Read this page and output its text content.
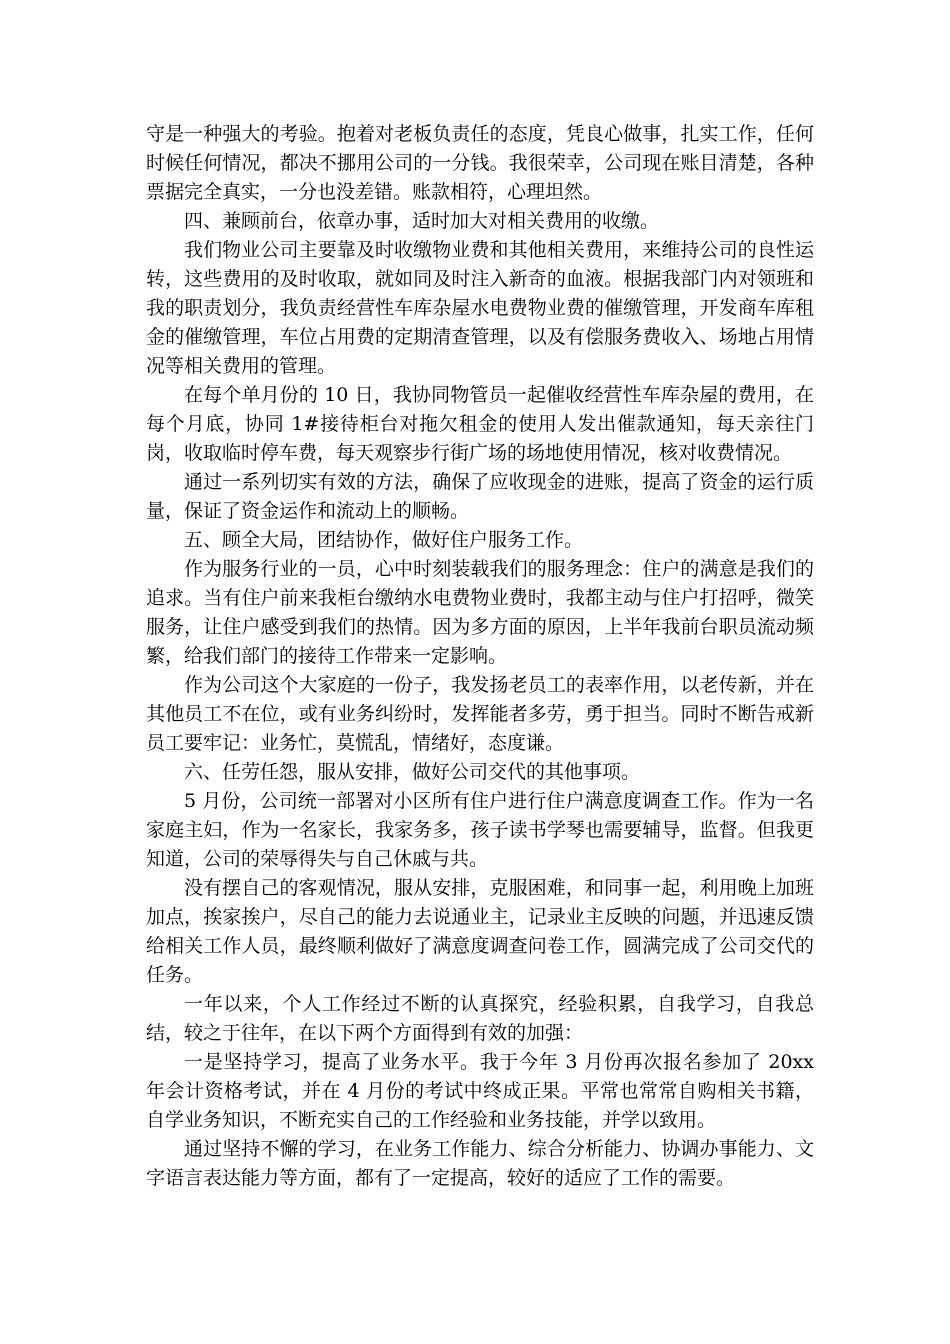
守是一种强大的考验。抱着对老板负责任的态度，凭良心做事，扎实工作，任何时候任何情况，都决不挪用公司的一分钱。我很荣幸，公司现在账目清楚，各种票据完全真实，一分也没差错。账款相符，心理坦然。

四、兼顾前台，依章办事，适时加大对相关费用的收缴。

我们物业公司主要靠及时收缴物业费和其他相关费用，来维持公司的良性运转，这些费用的及时收取，就如同及时注入新奇的血液。根据我部门内对领班和我的职责划分，我负责经营性车库杂屋水电费物业费的催缴管理，开发商车库租金的催缴管理，车位占用费的定期清查管理，以及有偿服务费收入、场地占用情况等相关费用的管理。

在每个单月份的 10 日，我协同物管员一起催收经营性车库杂屋的费用，在每个月底，协同 1#接待柜台对拖欠租金的使用人发出催款通知，每天亲往门岗，收取临时停车费，每天观察步行街广场的场地使用情况，核对收费情况。

通过一系列切实有效的方法，确保了应收现金的进账，提高了资金的运行质量，保证了资金运作和流动上的顺畅。

五、顾全大局，团结协作，做好住户服务工作。

作为服务行业的一员，心中时刻装载我们的服务理念：住户的满意是我们的追求。当有住户前来我柜台缴纳水电费物业费时，我都主动与住户打招呼，微笑服务，让住户感受到我们的热情。因为多方面的原因，上半年我前台职员流动频繁，给我们部门的接待工作带来一定影响。

作为公司这个大家庭的一份子，我发扬老员工的表率作用，以老传新，并在其他员工不在位，或有业务纠纷时，发挥能者多劳，勇于担当。同时不断告戒新员工要牢记：业务忙，莫慌乱，情绪好，态度谦。

六、任劳任怨，服从安排，做好公司交代的其他事项。

5 月份，公司统一部署对小区所有住户进行住户满意度调查工作。作为一名家庭主妇，作为一名家长，我家务多，孩子读书学琴也需要辅导，监督。但我更知道，公司的荣辱得失与自己休戚与共。

没有摆自己的客观情况，服从安排，克服困难，和同事一起，利用晚上加班加点，挨家挨户，尽自己的能力去说通业主，记录业主反映的问题，并迅速反馈给相关工作人员，最终顺利做好了满意度调查问卷工作，圆满完成了公司交代的任务。

一年以来，个人工作经过不断的认真探究，经验积累，自我学习，自我总结，较之于往年，在以下两个方面得到有效的加强：

一是坚持学习，提高了业务水平。我于今年 3 月份再次报名参加了 20xx 年会计资格考试，并在 4 月份的考试中终成正果。平常也常常自购相关书籍，自学业务知识，不断充实自己的工作经验和业务技能，并学以致用。

通过坚持不懈的学习，在业务工作能力、综合分析能力、协调办事能力、文字语言表达能力等方面，都有了一定提高，较好的适应了工作的需要。
